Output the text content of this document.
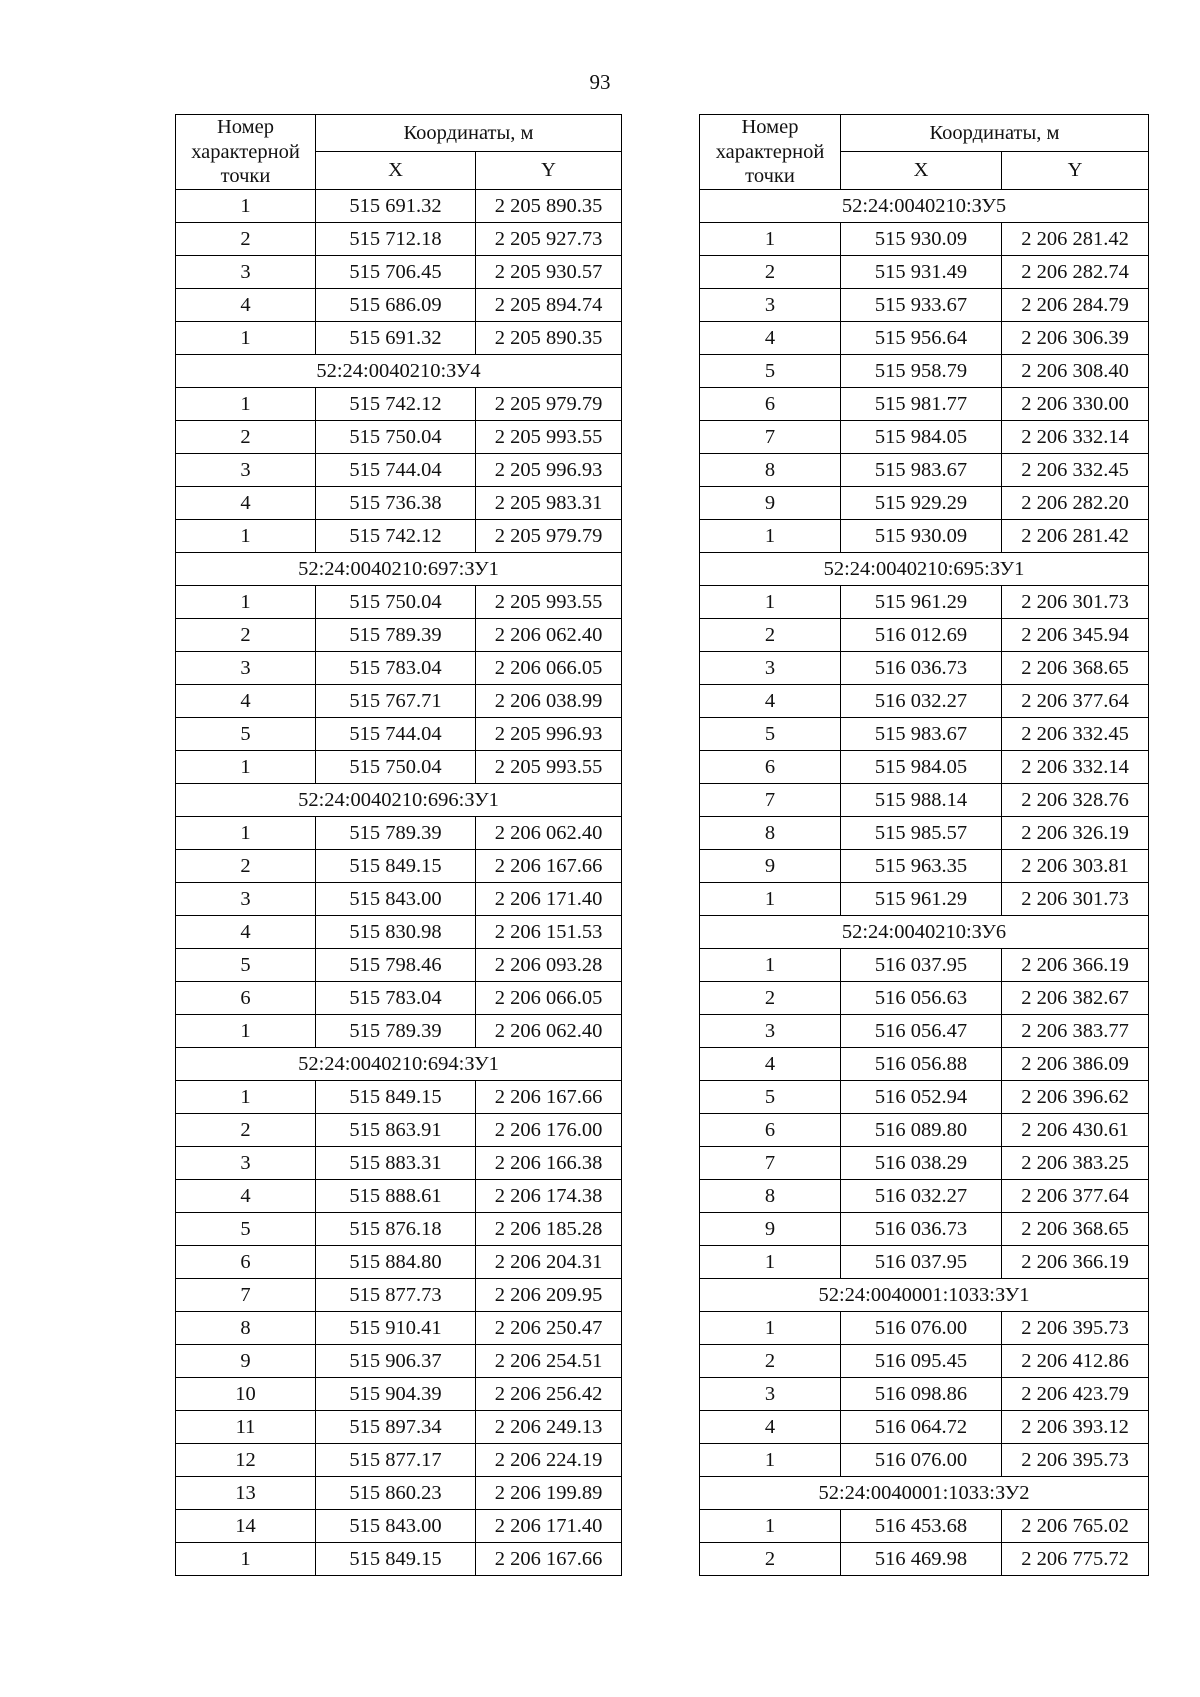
93
Номер характерной точки	Координаты, м	
	X	Y
1	515 691.32	2 205 890.35
2	515 712.18	2 205 927.73
3	515 706.45	2 205 930.57
4	515 686.09	2 205 894.74
1	515 691.32	2 205 890.35
52:24:0040210:ЗУ4		
1	515 742.12	2 205 979.79
2	515 750.04	2 205 993.55
3	515 744.04	2 205 996.93
4	515 736.38	2 205 983.31
1	515 742.12	2 205 979.79
52:24:0040210:697:ЗУ1		
1	515 750.04	2 205 993.55
2	515 789.39	2 206 062.40
3	515 783.04	2 206 066.05
4	515 767.71	2 206 038.99
5	515 744.04	2 205 996.93
1	515 750.04	2 205 993.55
52:24:0040210:696:ЗУ1		
1	515 789.39	2 206 062.40
2	515 849.15	2 206 167.66
3	515 843.00	2 206 171.40
4	515 830.98	2 206 151.53
5	515 798.46	2 206 093.28
6	515 783.04	2 206 066.05
1	515 789.39	2 206 062.40
52:24:0040210:694:ЗУ1		
1	515 849.15	2 206 167.66
2	515 863.91	2 206 176.00
3	515 883.31	2 206 166.38
4	515 888.61	2 206 174.38
5	515 876.18	2 206 185.28
6	515 884.80	2 206 204.31
7	515 877.73	2 206 209.95
8	515 910.41	2 206 250.47
9	515 906.37	2 206 254.51
10	515 904.39	2 206 256.42
11	515 897.34	2 206 249.13
12	515 877.17	2 206 224.19
13	515 860.23	2 206 199.89
14	515 843.00	2 206 171.40
1	515 849.15	2 206 167.66
Номер характерной точки	Координаты, м	
	X	Y
52:24:0040210:ЗУ5		
1	515 930.09	2 206 281.42
2	515 931.49	2 206 282.74
3	515 933.67	2 206 284.79
4	515 956.64	2 206 306.39
5	515 958.79	2 206 308.40
6	515 981.77	2 206 330.00
7	515 984.05	2 206 332.14
8	515 983.67	2 206 332.45
9	515 929.29	2 206 282.20
1	515 930.09	2 206 281.42
52:24:0040210:695:ЗУ1		
1	515 961.29	2 206 301.73
2	516 012.69	2 206 345.94
3	516 036.73	2 206 368.65
4	516 032.27	2 206 377.64
5	515 983.67	2 206 332.45
6	515 984.05	2 206 332.14
7	515 988.14	2 206 328.76
8	515 985.57	2 206 326.19
9	515 963.35	2 206 303.81
1	515 961.29	2 206 301.73
52:24:0040210:ЗУ6		
1	516 037.95	2 206 366.19
2	516 056.63	2 206 382.67
3	516 056.47	2 206 383.77
4	516 056.88	2 206 386.09
5	516 052.94	2 206 396.62
6	516 089.80	2 206 430.61
7	516 038.29	2 206 383.25
8	516 032.27	2 206 377.64
9	516 036.73	2 206 368.65
1	516 037.95	2 206 366.19
52:24:0040001:1033:ЗУ1		
1	516 076.00	2 206 395.73
2	516 095.45	2 206 412.86
3	516 098.86	2 206 423.79
4	516 064.72	2 206 393.12
1	516 076.00	2 206 395.73
52:24:0040001:1033:ЗУ2		
1	516 453.68	2 206 765.02
2	516 469.98	2 206 775.72
